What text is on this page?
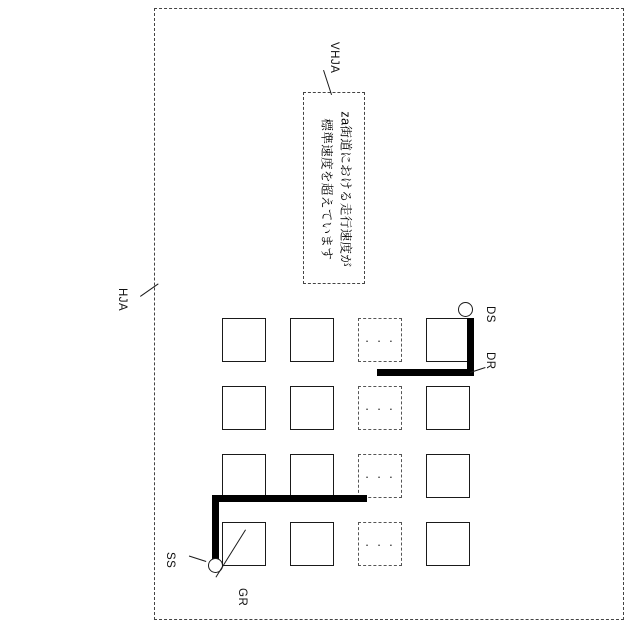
HJA
za街道における走行速度が
標準速度を超えています
VHJA
· · ·
· · ·
· · ·
· · ·
DS
DR
SS
GR
